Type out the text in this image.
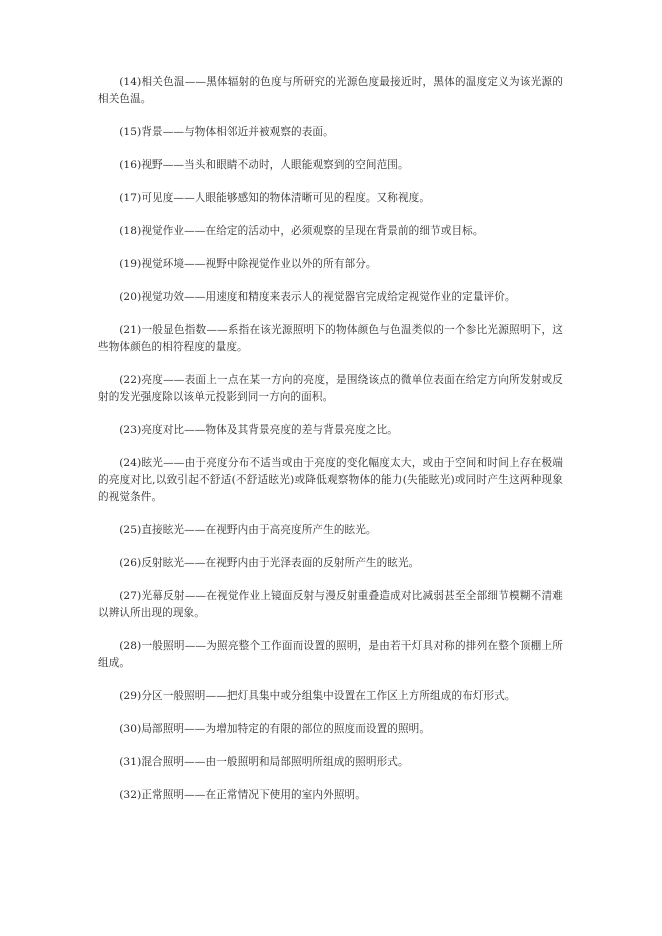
(14)相关色温——黑体辐射的色度与所研究的光源色度最接近时，黑体的温度定义为该光源的相关色温。

(15)背景——与物体相邻近并被观察的表面。

(16)视野——当头和眼睛不动时，人眼能观察到的空间范围。

(17)可见度——人眼能够感知的物体清晰可见的程度。又称视度。

(18)视觉作业——在给定的活动中，必须观察的呈现在背景前的细节或目标。

(19)视觉环境——视野中除视觉作业以外的所有部分。

(20)视觉功效——用速度和精度来表示人的视觉器官完成给定视觉作业的定量评价。

(21)一般显色指数——系指在该光源照明下的物体颜色与色温类似的一个参比光源照明下，这些物体颜色的相符程度的量度。

(22)亮度——表面上一点在某一方向的亮度，是围绕该点的微单位表面在给定方向所发射或反射的发光强度除以该单元投影到同一方向的面积。

(23)亮度对比——物体及其背景亮度的差与背景亮度之比。

(24)眩光——由于亮度分布不适当或由于亮度的变化幅度太大，或由于空间和时间上存在极端的亮度对比,以致引起不舒适(不舒适眩光)或降低观察物体的能力(失能眩光)或同时产生这两种现象的视觉条件。

(25)直接眩光——在视野内由于高亮度所产生的眩光。

(26)反射眩光——在视野内由于光泽表面的反射所产生的眩光。

(27)光幕反射——在视觉作业上镜面反射与漫反射重叠造成对比减弱甚至全部细节模糊不清难以辨认所出现的现象。

(28)一般照明——为照亮整个工作面而设置的照明，是由若干灯具对称的排列在整个顶棚上所组成。

(29)分区一般照明——把灯具集中或分组集中设置在工作区上方所组成的布灯形式。

(30)局部照明——为增加特定的有限的部位的照度而设置的照明。

(31)混合照明——由一般照明和局部照明所组成的照明形式。

(32)正常照明——在正常情况下使用的室内外照明。
